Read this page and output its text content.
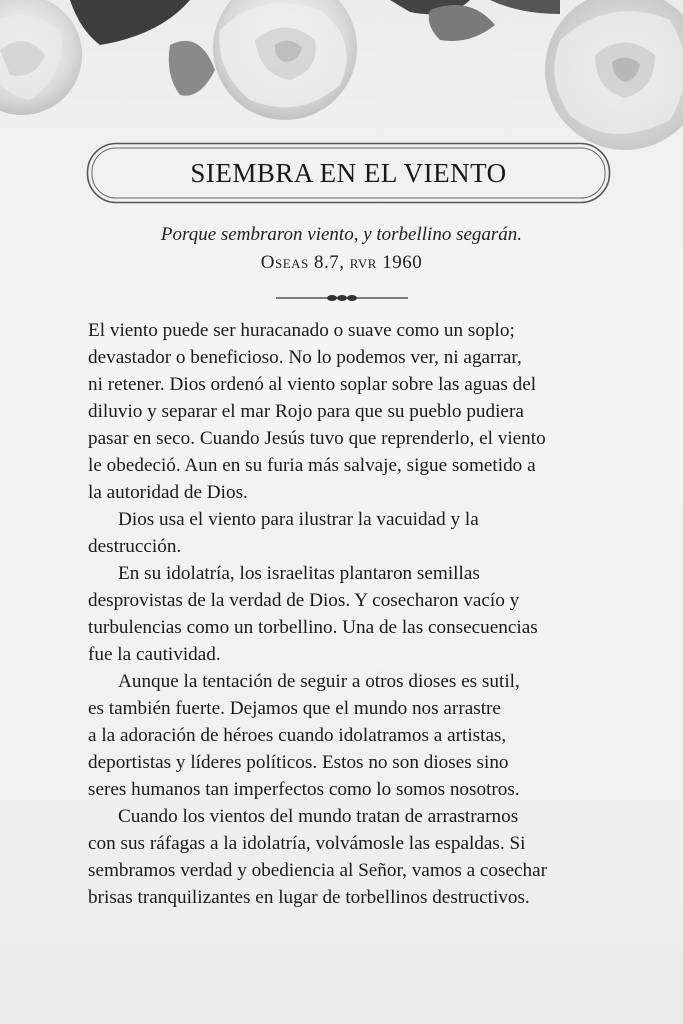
SIEMBRA EN EL VIENTO
Porque sembraron viento, y torbellino segarán.
Oseas 8.7, rvr 1960

El viento puede ser huracanado o suave como un soplo;
devastador o beneficioso. No lo podemos ver, ni agarrar,
ni retener. Dios ordenó al viento soplar sobre las aguas del
diluvio y separar el mar Rojo para que su pueblo pudiera
pasar en seco. Cuando Jesús tuvo que reprenderlo, el viento
le obedeció. Aun en su furia más salvaje, sigue sometido a
la autoridad de Dios.

Dios usa el viento para ilustrar la vacuidad y la
destrucción.

En su idolatría, los israelitas plantaron semillas
desprovistas de la verdad de Dios. Y cosecharon vacío y
turbulencias como un torbellino. Una de las consecuencias
fue la cautividad.

Aunque la tentación de seguir a otros dioses es sutil,
es también fuerte. Dejamos que el mundo nos arrastre
a la adoración de héroes cuando idolatramos a artistas,
deportistas y líderes políticos. Estos no son dioses sino
seres humanos tan imperfectos como lo somos nosotros.

Cuando los vientos del mundo tratan de arrastrarnos
con sus ráfagas a la idolatría, volvámosle las espaldas. Si
sembramos verdad y obediencia al Señor, vamos a cosechar
brisas tranquilizantes en lugar de torbellinos destructivos.
